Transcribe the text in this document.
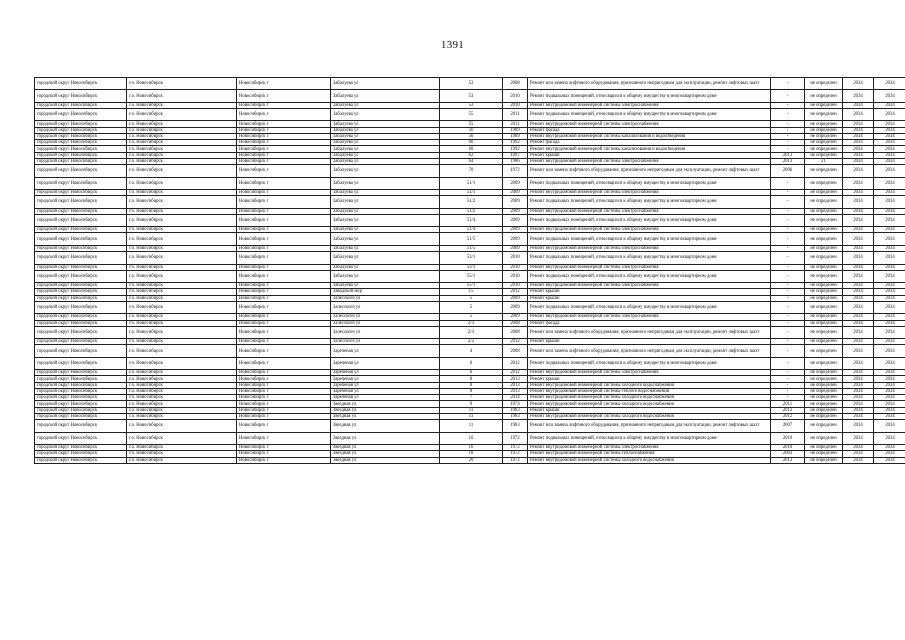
1391
городской округ Новосибирск	г.о. Новосибирск	Новосибирск г	Забалуева ул	53	2008	Ремонт или замена лифтового оборудования, признанного непригодным для эксплуатации, ремонт лифтовых шахт	-	не определен	2034	2034
городской округ Новосибирск	г.о. Новосибирск	Новосибирск г	Забалуева ул	53	2010	Ремонт подвальных помещений, относящихся к общему имуществу в многоквартирном доме	-	не определен	2034	2034
городской округ Новосибирск	г.о. Новосибирск	Новосибирск г	Забалуева ул	53	2010	Ремонт внутридомовой инженерной системы электроснабжения	-	не определен	2034	2034
городской округ Новосибирск	г.о. Новосибирск	Новосибирск г	Забалуева ул	55	2011	Ремонт подвальных помещений, относящихся к общему имуществу в многоквартирном доме	-	не определен	2034	2034
городской округ Новосибирск	г.о. Новосибирск	Новосибирск г	Забалуева ул	55	2011	Ремонт внутридомовой инженерной системы электроснабжения	-	не определен	2034	2034
городской округ Новосибирск	г.о. Новосибирск	Новосибирск г	Забалуева ул	56	1989	Ремонт фасада	-	не определен	2034	2034
городской округ Новосибирск	г.о. Новосибирск	Новосибирск г	Забалуева ул	56	1989	Ремонт внутридомовой инженерной системы канализования и водоотведения	-	не определен	2034	2034
городской округ Новосибирск	г.о. Новосибирск	Новосибирск г	Забалуева ул	60	1992	Ремонт фасада	-	не определен	2034	2034
городской округ Новосибирск	г.о. Новосибирск	Новосибирск г	Забалуева ул	60	1992	Ремонт внутридомовой инженерной системы канализования и водоотведения	-	не определен	2034	2034
городской округ Новосибирск	г.о. Новосибирск	Новосибирск г	Забалуева ул	62	1997	Ремонт крыши	2013	не определен	2034	2034
городской округ Новосибирск	г.о. Новосибирск	Новосибирск г	Забалуева ул	64	1986	Ремонт внутридомовой инженерной системы электроснабжения	2013	21	2034	2034
городской округ Новосибирск	г.о. Новосибирск	Новосибирск г	Забалуева ул	70	1972	Ремонт или замена лифтового оборудования, признанного непригодным для эксплуатации, ремонт лифтовых шахт	2006	не определен	2034	2034
городской округ Новосибирск	г.о. Новосибирск	Новосибирск г	Забалуева ул	51/1	2009	Ремонт подвальных помещений, относящихся к общему имуществу в многоквартирном доме	-	не определен	2034	2034
городской округ Новосибирск	г.о. Новосибирск	Новосибирск г	Забалуева ул	51/1	2009	Ремонт внутридомовой инженерной системы электроснабжения	-	не определен	2034	2034
городской округ Новосибирск	г.о. Новосибирск	Новосибирск г	Забалуева ул	51/2	2009	Ремонт подвальных помещений, относящихся к общему имуществу в многоквартирном доме	-	не определен	2034	2034
городской округ Новосибирск	г.о. Новосибирск	Новосибирск г	Забалуева ул	51/2	2009	Ремонт внутридомовой инженерной системы электроснабжения	-	не определен	2034	2034
городской округ Новосибирск	г.о. Новосибирск	Новосибирск г	Забалуева ул	51/4	2009	Ремонт подвальных помещений, относящихся к общему имуществу в многоквартирном доме	-	не определен	2034	2034
городской округ Новосибирск	г.о. Новосибирск	Новосибирск г	Забалуева ул	51/4	2009	Ремонт внутридомовой инженерной системы электроснабжения	-	не определен	2034	2034
городской округ Новосибирск	г.о. Новосибирск	Новосибирск г	Забалуева ул	51/5	2009	Ремонт подвальных помещений, относящихся к общему имуществу в многоквартирном доме	-	не определен	2034	2034
городской округ Новосибирск	г.о. Новосибирск	Новосибирск г	Забалуева ул	51/5	2009	Ремонт внутридомовой инженерной системы электроснабжения	-	не определен	2034	2034
городской округ Новосибирск	г.о. Новосибирск	Новосибирск г	Забалуева ул	53/1	2010	Ремонт подвальных помещений, относящихся к общему имуществу в многоквартирном доме	-	не определен	2034	2034
городской округ Новосибирск	г.о. Новосибирск	Новосибирск г	Забалуева ул	53/1	2010	Ремонт внутридомовой инженерной системы электроснабжения	-	не определен	2034	2034
городской округ Новосибирск	г.о. Новосибирск	Новосибирск г	Забалуева ул	55/1	2010	Ремонт подвальных помещений, относящихся к общему имуществу в многоквартирном доме	-	не определен	2034	2034
городской округ Новосибирск	г.о. Новосибирск	Новосибирск г	Забалуева ул	55/1	2010	Ремонт внутридомовой инженерной системы электроснабжения	-	не определен	2034	2034
городской округ Новосибирск	г.о. Новосибирск	Новосибирск г	Заводской мкр	15	2012	Ремонт крыши	-	не определен	2034	2034
городской округ Новосибирск	г.о. Новосибирск	Новосибирск г	Залесского ул	5	2009	Ремонт крыши	-	не определен	2034	2034
городской округ Новосибирск	г.о. Новосибирск	Новосибирск г	Залесского ул	5	2009	Ремонт подвальных помещений, относящихся к общему имуществу в многоквартирном доме	-	не определен	2034	2034
городской округ Новосибирск	г.о. Новосибирск	Новосибирск г	Залесского ул	5	2009	Ремонт внутридомовой инженерной системы электроснабжения	-	не определен	2034	2034
городской округ Новосибирск	г.о. Новосибирск	Новосибирск г	Залесского ул	2/3	2008	Ремонт фасада	-	не определен	2034	2034
городской округ Новосибирск	г.о. Новосибирск	Новосибирск г	Залесского ул	2/3	2008	Ремонт или замена лифтового оборудования, признанного непригодным для эксплуатации, ремонт лифтовых шахт	-	не определен	2034	2034
городской округ Новосибирск	г.о. Новосибирск	Новосибирск г	Залесского ул	2/2	2012	Ремонт крыши	-	не определен	2034	2034
городской округ Новосибирск	г.о. Новосибирск	Новосибирск г	Зареченая ул	4	2008	Ремонт или замена лифтового оборудования, признанного непригодным для эксплуатации, ремонт лифтовых шахт	-	не определен	2034	2034
городской округ Новосибирск	г.о. Новосибирск	Новосибирск г	Зареченая ул	6	2012	Ремонт подвальных помещений, относящихся к общему имуществу в многоквартирном доме	-	не определен	2034	2034
городской округ Новосибирск	г.о. Новосибирск	Новосибирск г	Зареченая ул	6	2012	Ремонт внутридомовой инженерной системы электроснабжения	-	не определен	2034	2034
городской округ Новосибирск	г.о. Новосибирск	Новосибирск г	Зареченая ул	8	2013	Ремонт крыши	-	не определен	2034	2034
городской округ Новосибирск	г.о. Новосибирск	Новосибирск г	Зареченая ул	8	2013	Ремонт внутридомовой инженерной системы холодного водоснабжения	-	не определен	2034	2034
городской округ Новосибирск	г.о. Новосибирск	Новосибирск г	Зареченая ул	8	2013	Ремонт внутридомовой инженерной системы теплого водоснабжения	-	не определен	2034	2034
городской округ Новосибирск	г.о. Новосибирск	Новосибирск г	Зареченая ул	7	2014	Ремонт внутридомовой инженерной системы холодного водоснабжения	-	не определен	2034	2034
городской округ Новосибирск	г.о. Новосибирск	Новосибирск г	Звездная ул	9	1974	Ремонт внутридомовой инженерной системы холодного водоснабжения	2011	не определен	2034	2034
городской округ Новосибирск	г.о. Новосибирск	Новосибирск г	Звездная ул	11	1983	Ремонт крыши	2012	не определен	2034	2034
городской округ Новосибирск	г.о. Новосибирск	Новосибирск г	Звездная ул	11	1983	Ремонт внутридомовой инженерной системы холодного водоснабжения	2012	не определен	2034	2034
городской округ Новосибирск	г.о. Новосибирск	Новосибирск г	Звездная ул	11	1983	Ремонт или замена лифтового оборудования, признанного непригодным для эксплуатации, ремонт лифтовых шахт	2007	не определен	2034	2034
городской округ Новосибирск	г.о. Новосибирск	Новосибирск г	Звездная ул	16	1972	Ремонт подвальных помещений, относящихся к общему имуществу в многоквартирном доме	2010	не определен	2034	2034
городской округ Новосибирск	г.о. Новосибирск	Новосибирск г	Звездная ул	16	1972	Ремонт внутридомовой инженерной системы электроснабжения	2010	не определен	2034	2034
городской округ Новосибирск	г.о. Новосибирск	Новосибирск г	Звездная ул	18	1972	Ремонт внутридомовой инженерной системы теплоснабжения	2003	не определен	2034	2034
городской округ Новосибирск	г.о. Новосибирск	Новосибирск г	Звездная ул	20	1972	Ремонт внутридомовой инженерной системы холодного водоснабжения	2013	не определен	2034	2034
